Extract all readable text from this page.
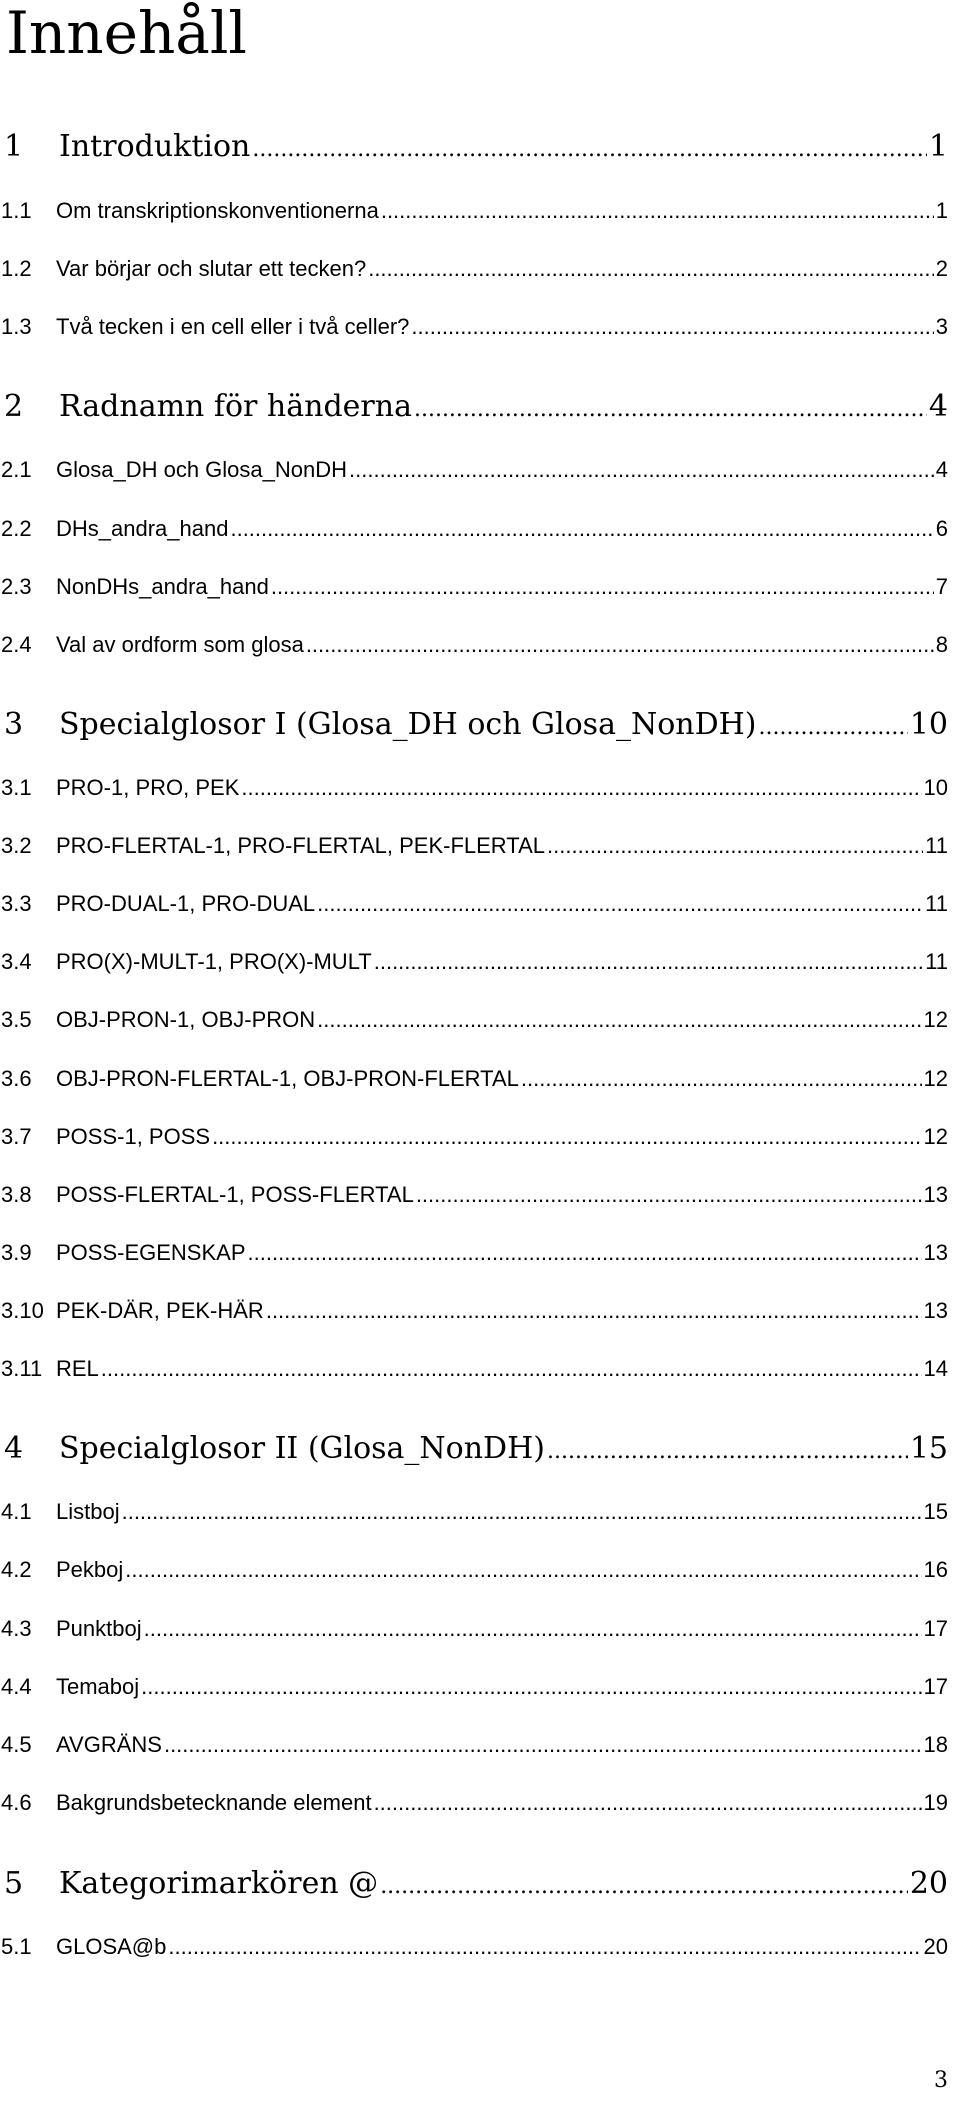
Innehåll
1	Introduktion .....	1
1.1	Om transkriptionskonventionerna .....	1
1.2	Var börjar och slutar ett tecken? .....	2
1.3	Två tecken i en cell eller i två celler? .....	3
2	Radnamn för händerna .....	4
2.1	Glosa_DH och Glosa_NonDH .....	4
2.2	DHs_andra_hand .....	6
2.3	NonDHs_andra_hand .....	7
2.4	Val av ordform som glosa .....	8
3	Specialglosor I (Glosa_DH och Glosa_NonDH) .....	10
3.1	PRO-1, PRO, PEK .....	10
3.2	PRO-FLERTAL-1, PRO-FLERTAL, PEK-FLERTAL .....	11
3.3	PRO-DUAL-1, PRO-DUAL .....	11
3.4	PRO(X)-MULT-1, PRO(X)-MULT .....	11
3.5	OBJ-PRON-1, OBJ-PRON .....	12
3.6	OBJ-PRON-FLERTAL-1, OBJ-PRON-FLERTAL .....	12
3.7	POSS-1, POSS .....	12
3.8	POSS-FLERTAL-1, POSS-FLERTAL .....	13
3.9	POSS-EGENSKAP .....	13
3.10 PEK-DÄR, PEK-HÄR .....	13
3.11 REL .....	14
4	Specialglosor II (Glosa_NonDH) .....	15
4.1	Listboj .....	15
4.2	Pekboj .....	16
4.3	Punktboj .....	17
4.4	Temaboj .....	17
4.5	AVGRÄNS .....	18
4.6	Bakgrundsbetecknande element .....	19
5	Kategorimarkören @ .....	20
5.1	GLOSA@b .....	20
3
